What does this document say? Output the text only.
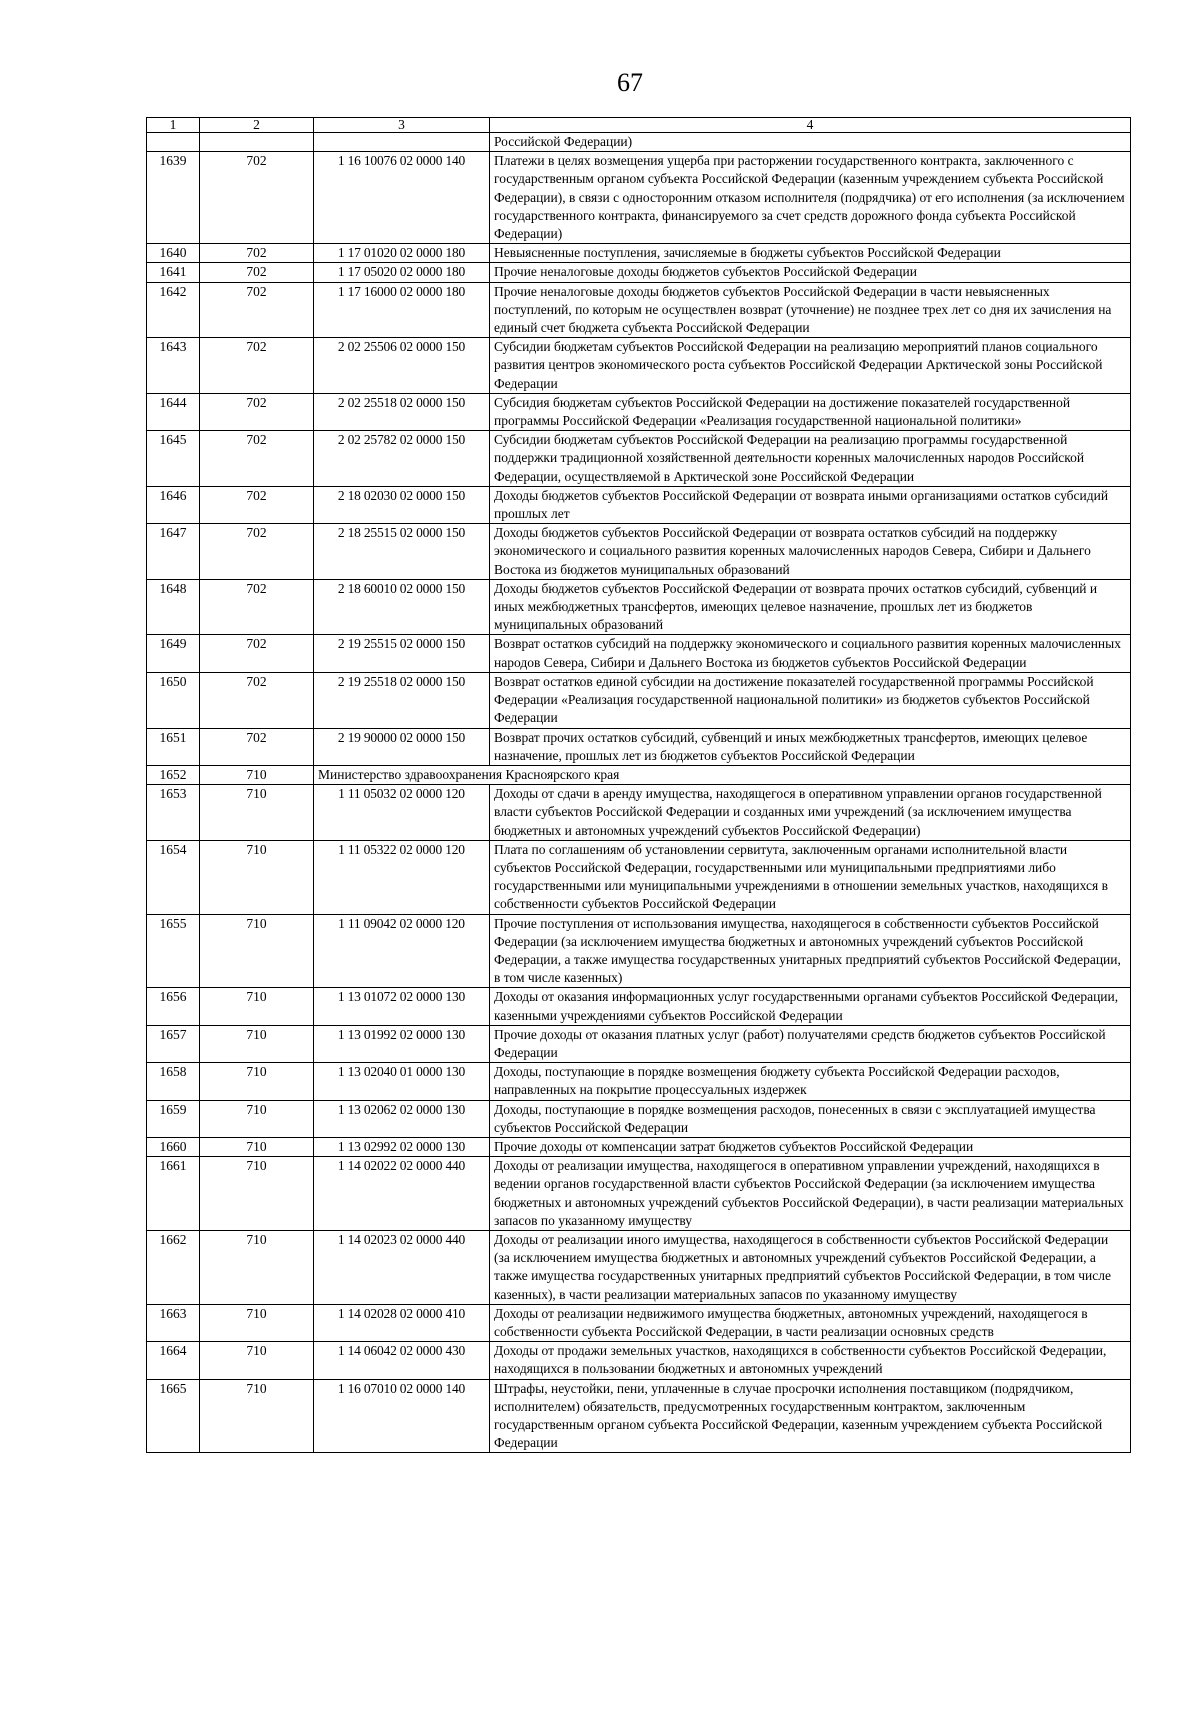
67
1	2	3	4
			Российской Федерации)
1639	702	1 16 10076 02 0000 140	Платежи в целях возмещения ущерба при расторжении государственного контракта, заключенного с государственным органом субъекта Российской Федерации (казенным учреждением субъекта Российской Федерации), в связи с односторонним отказом исполнителя (подрядчика) от его исполнения (за исключением государственного контракта, финансируемого за счет средств дорожного фонда субъекта Российской Федерации)
1640	702	1 17 01020 02 0000 180	Невыясненные поступления, зачисляемые в бюджеты субъектов Российской Федерации
1641	702	1 17 05020 02 0000 180	Прочие неналоговые доходы бюджетов субъектов Российской Федерации
1642	702	1 17 16000 02 0000 180	Прочие неналоговые доходы бюджетов субъектов Российской Федерации в части невыясненных поступлений, по которым не осуществлен возврат (уточнение) не позднее трех лет со дня их зачисления на единый счет бюджета субъекта Российской Федерации
1643	702	2 02 25506 02 0000 150	Субсидии бюджетам субъектов Российской Федерации на реализацию мероприятий планов социального развития центров экономического роста субъектов Российской Федерации Арктической зоны Российской Федерации
1644	702	2 02 25518 02 0000 150	Субсидия бюджетам субъектов Российской Федерации на достижение показателей государственной программы Российской Федерации «Реализация государственной национальной политики»
1645	702	2 02 25782 02 0000 150	Субсидии бюджетам субъектов Российской Федерации на реализацию программы государственной поддержки традиционной хозяйственной деятельности коренных малочисленных народов Российской Федерации, осуществляемой в Арктической зоне Российской Федерации
1646	702	2 18 02030 02 0000 150	Доходы бюджетов субъектов Российской Федерации от возврата иными организациями остатков субсидий прошлых лет
1647	702	2 18 25515 02 0000 150	Доходы бюджетов субъектов Российской Федерации от возврата остатков субсидий на поддержку экономического и социального развития коренных малочисленных народов Севера, Сибири и Дальнего Востока из бюджетов муниципальных образований
1648	702	2 18 60010 02 0000 150	Доходы бюджетов субъектов Российской Федерации от возврата прочих остатков субсидий, субвенций и иных межбюджетных трансфертов, имеющих целевое назначение, прошлых лет из бюджетов муниципальных образований
1649	702	2 19 25515 02 0000 150	Возврат остатков субсидий на поддержку экономического и социального развития коренных малочисленных народов Севера, Сибири и Дальнего Востока из бюджетов субъектов Российской Федерации
1650	702	2 19 25518 02 0000 150	Возврат остатков единой субсидии на достижение показателей государственной программы Российской Федерации «Реализация государственной национальной политики» из бюджетов субъектов Российской Федерации
1651	702	2 19 90000 02 0000 150	Возврат прочих остатков субсидий, субвенций и иных межбюджетных трансфертов, имеющих целевое назначение, прошлых лет из бюджетов субъектов Российской Федерации
1652	710	Министерство здравоохранения Красноярского края	
1653	710	1 11 05032 02 0000 120	Доходы от сдачи в аренду имущества, находящегося в оперативном управлении органов государственной власти субъектов Российской Федерации и созданных ими учреждений (за исключением имущества бюджетных и автономных учреждений субъектов Российской Федерации)
1654	710	1 11 05322 02 0000 120	Плата по соглашениям об установлении сервитута, заключенным органами исполнительной власти субъектов Российской Федерации, государственными или муниципальными предприятиями либо государственными или муниципальными учреждениями в отношении земельных участков, находящихся в собственности субъектов Российской Федерации
1655	710	1 11 09042 02 0000 120	Прочие поступления от использования имущества, находящегося в собственности субъектов Российской Федерации (за исключением имущества бюджетных и автономных учреждений субъектов Российской Федерации, а также имущества государственных унитарных предприятий субъектов Российской Федерации, в том числе казенных)
1656	710	1 13 01072 02 0000 130	Доходы от оказания информационных услуг государственными органами субъектов Российской Федерации, казенными учреждениями субъектов Российской Федерации
1657	710	1 13 01992 02 0000 130	Прочие доходы от оказания платных услуг (работ) получателями средств бюджетов субъектов Российской Федерации
1658	710	1 13 02040 01 0000 130	Доходы, поступающие в порядке возмещения бюджету субъекта Российской Федерации расходов, направленных на покрытие процессуальных издержек
1659	710	1 13 02062 02 0000 130	Доходы, поступающие в порядке возмещения расходов, понесенных в связи с эксплуатацией имущества субъектов Российской Федерации
1660	710	1 13 02992 02 0000 130	Прочие доходы от компенсации затрат бюджетов субъектов Российской Федерации
1661	710	1 14 02022 02 0000 440	Доходы от реализации имущества, находящегося в оперативном управлении учреждений, находящихся в ведении органов государственной власти субъектов Российской Федерации (за исключением имущества бюджетных и автономных учреждений субъектов Российской Федерации), в части реализации материальных запасов по указанному имуществу
1662	710	1 14 02023 02 0000 440	Доходы от реализации иного имущества, находящегося в собственности субъектов Российской Федерации (за исключением имущества бюджетных и автономных учреждений субъектов Российской Федерации, а также имущества государственных унитарных предприятий субъектов Российской Федерации, в том числе казенных), в части реализации материальных запасов по указанному имуществу
1663	710	1 14 02028 02 0000 410	Доходы от реализации недвижимого имущества бюджетных, автономных учреждений, находящегося в собственности субъекта Российской Федерации, в части реализации основных средств
1664	710	1 14 06042 02 0000 430	Доходы от продажи земельных участков, находящихся в собственности субъектов Российской Федерации, находящихся в пользовании бюджетных и автономных учреждений
1665	710	1 16 07010 02 0000 140	Штрафы, неустойки, пени, уплаченные в случае просрочки исполнения поставщиком (подрядчиком, исполнителем) обязательств, предусмотренных государственным контрактом, заключенным государственным органом субъекта Российской Федерации, казенным учреждением субъекта Российской Федерации
